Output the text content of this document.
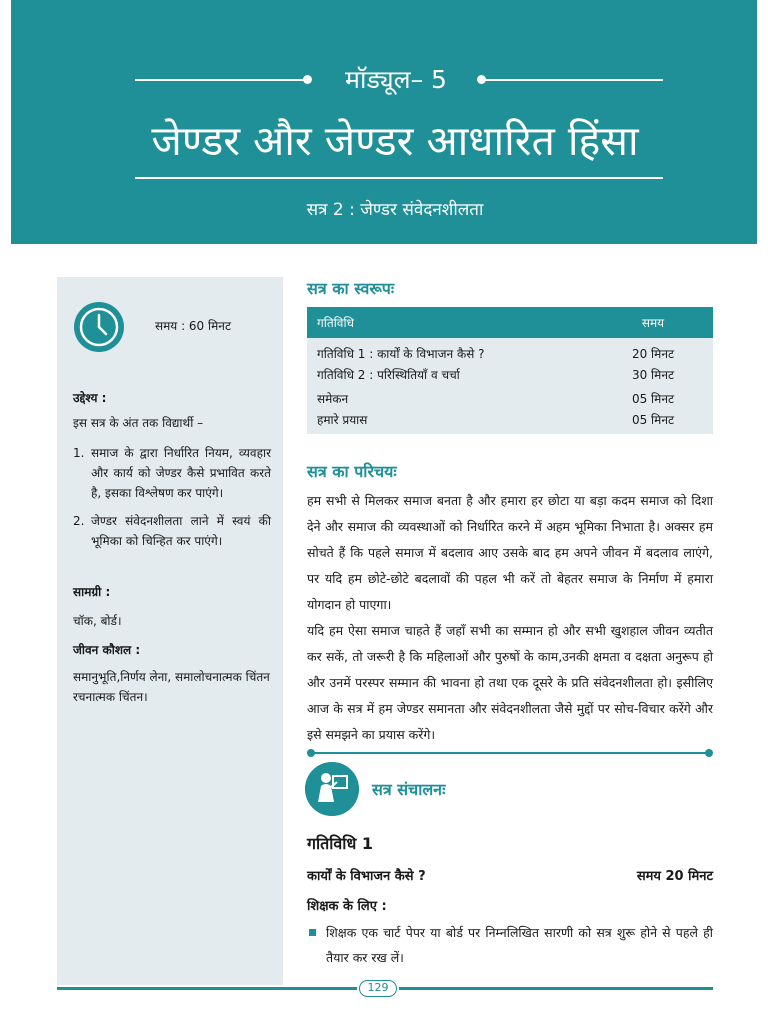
मॉड्यूल– 5
जेण्डर और जेण्डर आधारित हिंसा
सत्र 2 : जेण्डर संवेदनशीलता
समय : 60 मिनट
उद्देश्य :
इस सत्र के अंत तक विद्यार्थी –
1. समाज के द्वारा निर्धारित नियम, व्यवहार और कार्य को जेण्डर कैसे प्रभावित करते है, इसका विश्लेषण कर पाएंगे।
2. जेण्डर संवेदनशीलता लाने में स्वयं की भूमिका को चिन्हित कर पाएंगे।
सामग्री :
चॉक, बोर्ड।
जीवन कौशल :
समानुभूति,निर्णय लेना, समालोचनात्मक चिंतन रचनात्मक चिंतन।
सत्र का स्वरूपः
गतिविधि	समय
गतिविधि 1 : कार्यों के विभाजन कैसे ?	20 मिनट
गतिविधि 2 : परिस्थितियाँ व चर्चा	30 मिनट
समेकन	05 मिनट
हमारे प्रयास	05 मिनट
सत्र का परिचयः

हम सभी से मिलकर समाज बनता है और हमारा हर छोटा या बड़ा कदम समाज को दिशा देने और समाज की व्यवस्थाओं को निर्धारित करने में अहम भूमिका निभाता है। अक्सर हम सोचते हैं कि पहले समाज में बदलाव आए उसके बाद हम अपने जीवन में बदलाव लाएंगे, पर यदि हम छोटे-छोटे बदलावों की पहल भी करें तो बेहतर समाज के निर्माण में हमारा योगदान हो पाएगा।

यदि हम ऐसा समाज चाहते हैं जहाँ सभी का सम्मान हो और सभी खुशहाल जीवन व्यतीत कर सकें, तो जरूरी है कि महिलाओं और पुरुषों के काम,उनकी क्षमता व दक्षता अनुरूप हो और उनमें परस्पर सम्मान की भावना हो तथा एक दूसरे के प्रति संवेदनशीलता हो। इसीलिए आज के सत्र में हम जेण्डर समानता और संवेदनशीलता जैसे मुद्दों पर सोच-विचार करेंगे और इसे समझने का प्रयास करेंगे।

सत्र संचालनः
गतिविधि 1
कार्यों के विभाजन कैसे ?	समय 20 मिनट
शिक्षक के लिए :
शिक्षक एक चार्ट पेपर या बोर्ड पर निम्नलिखित सारणी को सत्र शुरू होने से पहले ही तैयार कर रख लें।
129
